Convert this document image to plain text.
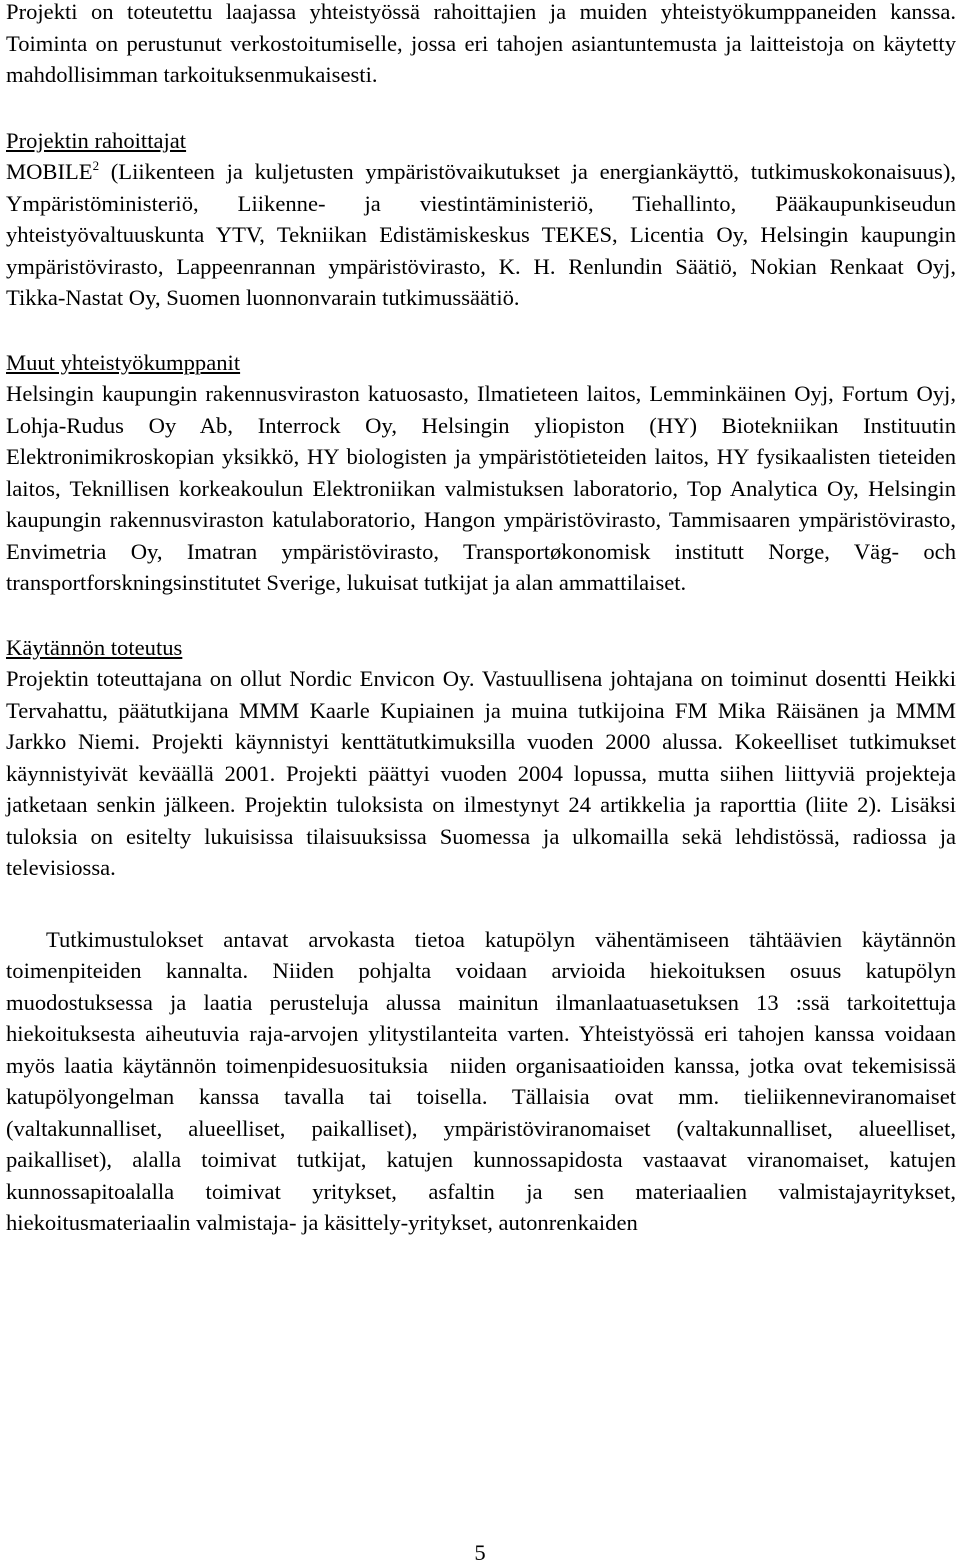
Projekti on toteutettu laajassa yhteistyössä rahoittajien ja muiden yhteistyökumppaneiden kanssa. Toiminta on perustunut verkostoitumiselle, jossa eri tahojen asiantuntemusta ja laitteistoja on käytetty mahdollisimman tarkoituksenmukaisesti.

Projektin rahoittajat

MOBILE$^2$ (Liikenteen ja kuljetusten ympäristövaikutukset ja energiankäyttö, tutkimuskokonaisuus), Ympäristöministeriö, Liikenne- ja viestintäministeriö, Tiehallinto, Pääkaupunkiseudun yhteistyövaltuuskunta YTV, Tekniikan Edistämiskeskus TEKES, Licentia Oy, Helsingin kaupungin ympäristövirasto, Lappeenrannan ympäristövirasto, K. H. Renlundin Säätiö, Nokian Renkaat Oyj, Tikka-Nastat Oy, Suomen luonnonvarain tutkimussäätiö.

Muut yhteistyökumppanit

Helsingin kaupungin rakennusviraston katuosasto, Ilmatieteen laitos, Lemminkäinen Oyj, Fortum Oyj, Lohja-Rudus Oy Ab, Interrock Oy, Helsingin yliopiston (HY) Biotekniikan Instituutin Elektronimikroskopian yksikkö, HY biologisten ja ympäristötieteiden laitos, HY fysikaalisten tieteiden laitos, Teknillisen korkeakoulun Elektroniikan valmistuksen laboratorio, Top Analytica Oy, Helsingin kaupungin rakennusviraston katulaboratorio, Hangon ympäristövirasto, Tammisaaren ympäristövirasto, Envimetria Oy, Imatran ympäristövirasto, Transportøkonomisk institutt Norge, Väg- och transportforskningsinstitutet Sverige, lukuisat tutkijat ja alan ammattilaiset.

Käytännön toteutus

Projektin toteuttajana on ollut Nordic Envicon Oy. Vastuullisena johtajana on toiminut dosentti Heikki Tervahattu, päätutkijana MMM Kaarle Kupiainen ja muina tutkijoina FM Mika Räisänen ja MMM Jarkko Niemi. Projekti käynnistyi kenttätutkimuksilla vuoden 2000 alussa. Kokeelliset tutkimukset käynnistyivät keväällä 2001. Projekti päättyi vuoden 2004 lopussa, mutta siihen liittyviä projekteja jatketaan senkin jälkeen. Projektin tuloksista on ilmestynyt 24 artikkelia ja raporttia (liite 2). Lisäksi tuloksia on esitelty lukuisissa tilaisuuksissa Suomessa ja ulkomailla sekä lehdistössä, radiossa ja televisiossa.

Tutkimustulokset antavat arvokasta tietoa katupölyn vähentämiseen tähtäävien käytännön toimenpiteiden kannalta. Niiden pohjalta voidaan arvioida hiekoituksen osuus katupölyn muodostuksessa ja laatia perusteluja alussa mainitun ilmanlaatuasetuksen 13 :ssä tarkoitettuja hiekoituksesta aiheutuvia raja-arvojen ylitystilanteita varten. Yhteistyössä eri tahojen kanssa voidaan myös laatia käytännön toimenpidesuosituksia niiden organisaatioiden kanssa, jotka ovat tekemisissä katupölyongelman kanssa tavalla tai toisella. Tällaisia ovat mm. tieliikenneviranomaiset (valtakunnalliset, alueelliset, paikalliset), ympäristöviranomaiset (valtakunnalliset, alueelliset, paikalliset), alalla toimivat tutkijat, katujen kunnossapidosta vastaavat viranomaiset, katujen kunnossapitoalalla toimivat yritykset, asfaltin ja sen materiaalien valmistajayritykset, hiekoitusmateriaalin valmistaja- ja käsittely-yritykset, autonrenkaiden

5
